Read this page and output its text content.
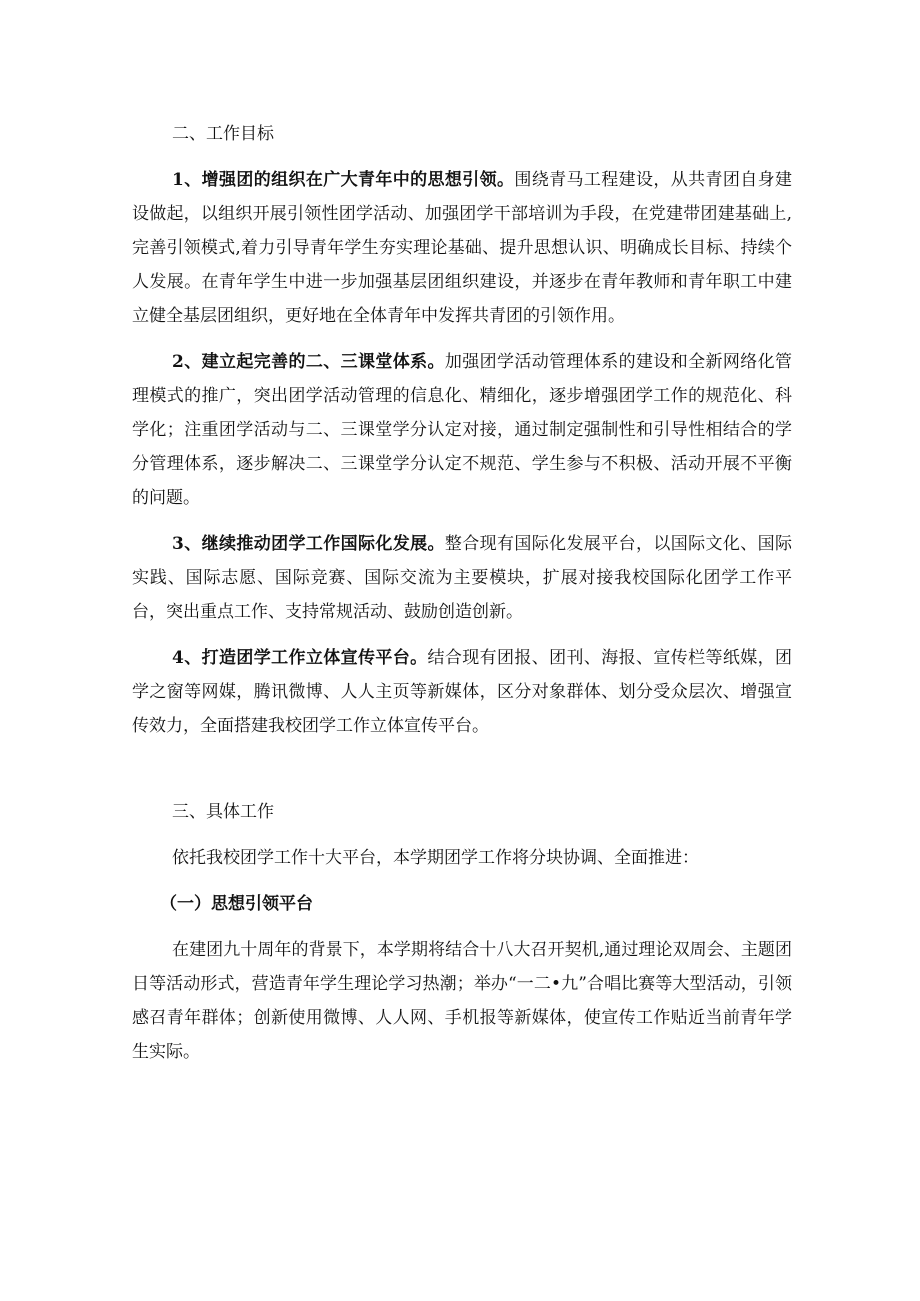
二、工作目标

1、增强团的组织在广大青年中的思想引领。围绕青马工程建设，从共青团自身建设做起，以组织开展引领性团学活动、加强团学干部培训为手段，在党建带团建基础上,完善引领模式,着力引导青年学生夯实理论基础、提升思想认识、明确成长目标、持续个人发展。在青年学生中进一步加强基层团组织建设，并逐步在青年教师和青年职工中建立健全基层团组织，更好地在全体青年中发挥共青团的引领作用。

2、建立起完善的二、三课堂体系。加强团学活动管理体系的建设和全新网络化管理模式的推广，突出团学活动管理的信息化、精细化，逐步增强团学工作的规范化、科学化；注重团学活动与二、三课堂学分认定对接，通过制定强制性和引导性相结合的学分管理体系，逐步解决二、三课堂学分认定不规范、学生参与不积极、活动开展不平衡的问题。

3、继续推动团学工作国际化发展。整合现有国际化发展平台，以国际文化、国际实践、国际志愿、国际竞赛、国际交流为主要模块，扩展对接我校国际化团学工作平台，突出重点工作、支持常规活动、鼓励创造创新。

4、打造团学工作立体宣传平台。结合现有团报、团刊、海报、宣传栏等纸媒，团学之窗等网媒，腾讯微博、人人主页等新媒体，区分对象群体、划分受众层次、增强宣传效力，全面搭建我校团学工作立体宣传平台。

三、具体工作

依托我校团学工作十大平台，本学期团学工作将分块协调、全面推进：

（一）思想引领平台

在建团九十周年的背景下，本学期将结合十八大召开契机,通过理论双周会、主题团日等活动形式，营造青年学生理论学习热潮；举办“一二•九”合唱比赛等大型活动，引领感召青年群体；创新使用微博、人人网、手机报等新媒体，使宣传工作贴近当前青年学生实际。
